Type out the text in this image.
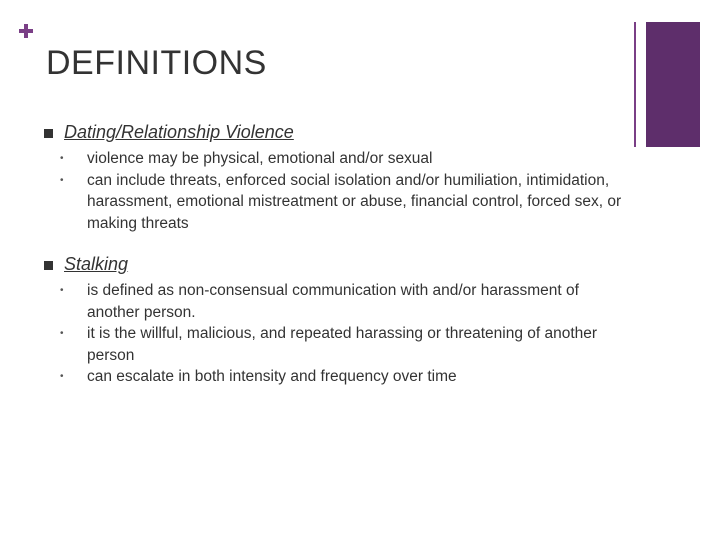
DEFINITIONS
Dating/Relationship Violence
• violence may be physical, emotional and/or sexual
• can include threats, enforced social isolation and/or humiliation, intimidation, harassment, emotional mistreatment or abuse, financial control, forced sex, or making threats
Stalking
• is defined as non-consensual communication with and/or harassment of another person.
• it is the willful, malicious, and repeated harassing or threatening of another person
• can escalate in both intensity and frequency over time
